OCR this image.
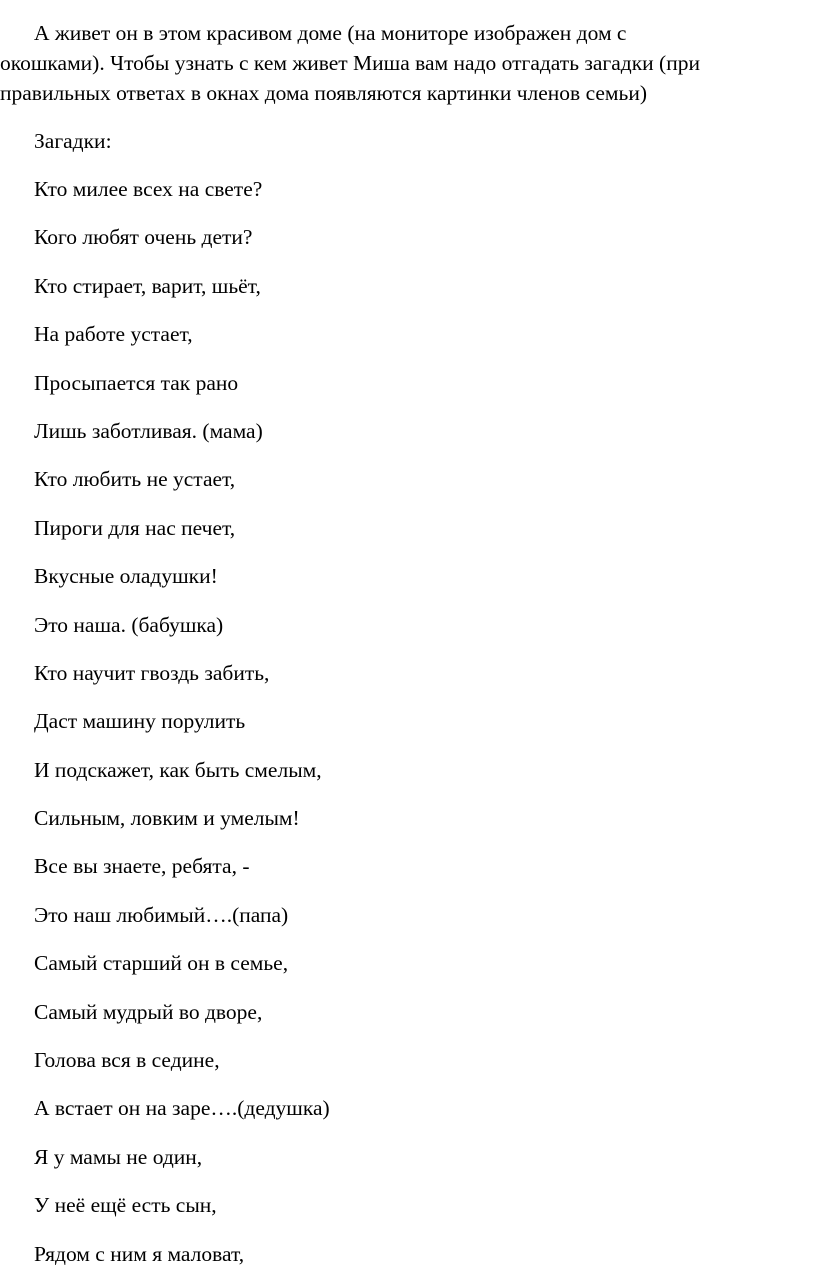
А живет он в этом красивом доме (на мониторе изображен дом с
окошками). Чтобы узнать с кем живет Миша вам надо отгадать загадки (при
правильных ответах в окнах дома появляются картинки членов семьи)

Загадки:

Кто милее всех на свете?
Кого любят очень дети?
Кто стирает, варит, шьёт,
На работе устает,
Просыпается так рано
Лишь заботливая. (мама)
Кто любить не устает,
Пироги для нас печет,
Вкусные оладушки!
Это наша. (бабушка)
Кто научит гвоздь забить,
Даст машину порулить
И подскажет, как быть смелым,
Сильным, ловким и умелым!
Все вы знаете, ребята, -
Это наш любимый….(папа)
Самый старший он в семье,
Самый мудрый во дворе,
Голова вся в седине,
А встает он на заре….(дедушка)
Я у мамы не один,
У неё ещё есть сын,
Рядом с ним я маловат,
